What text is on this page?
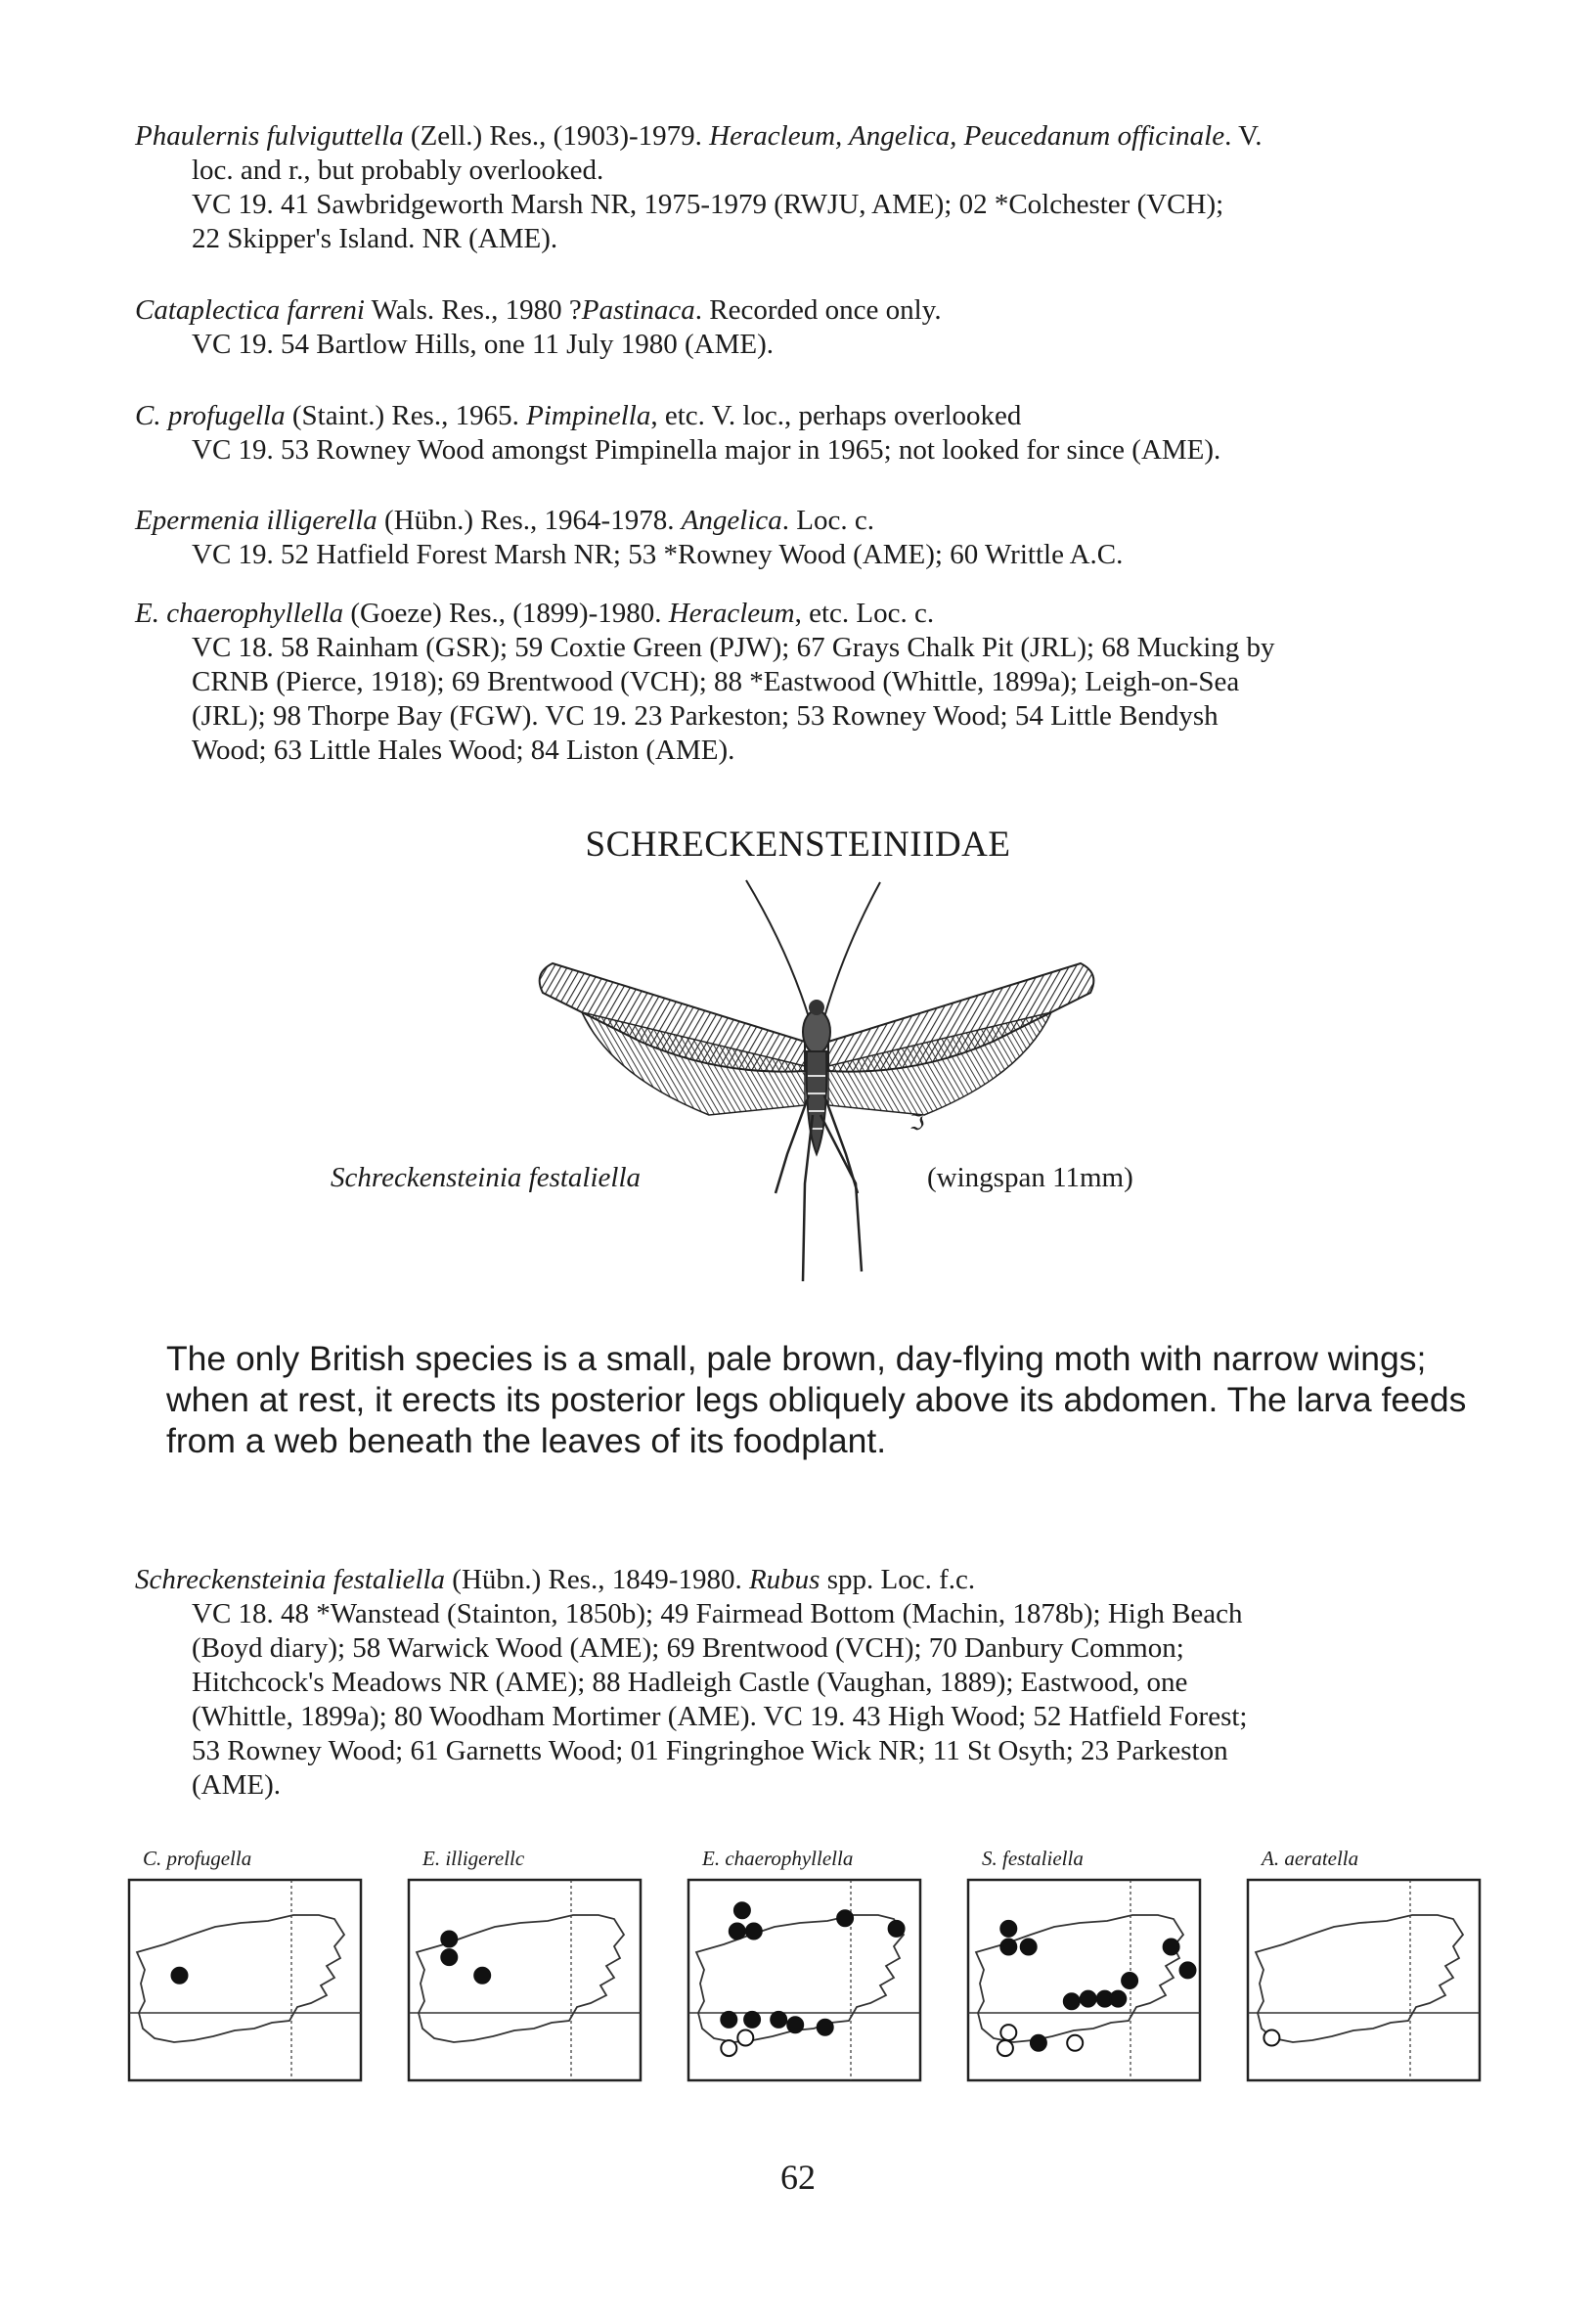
Phaulernis fulviguttella (Zell.) Res., (1903)-1979. Heracleum, Angelica, Peucedanum officinale. V.

loc. and r., but probably overlooked.

VC 19. 41 Sawbridgeworth Marsh NR, 1975-1979 (RWJU, AME); 02 *Colchester (VCH);

22 Skipper's Island. NR (AME).

Cataplectica farreni Wals. Res., 1980 ?Pastinaca. Recorded once only.

VC 19. 54 Bartlow Hills, one 11 July 1980 (AME).

C. profugella (Staint.) Res., 1965. Pimpinella, etc. V. loc., perhaps overlooked

VC 19. 53 Rowney Wood amongst Pimpinella major in 1965; not looked for since (AME).

Epermenia illigerella (Hübn.) Res., 1964-1978. Angelica. Loc. c.

VC 19. 52 Hatfield Forest Marsh NR; 53 *Rowney Wood (AME); 60 Writtle A.C.

E. chaerophyllella (Goeze) Res., (1899)-1980. Heracleum, etc. Loc. c.

VC 18. 58 Rainham (GSR); 59 Coxtie Green (PJW); 67 Grays Chalk Pit (JRL); 68 Mucking by

CRNB (Pierce, 1918); 69 Brentwood (VCH); 88 *Eastwood (Whittle, 1899a); Leigh-on-Sea

(JRL); 98 Thorpe Bay (FGW). VC 19. 23 Parkeston; 53 Rowney Wood; 54 Little Bendysh

Wood; 63 Little Hales Wood; 84 Liston (AME).

SCHRECKENSTEINIIDAE
ℑ
Schreckensteinia festaliella	(wingspan 11mm)
The only British species is a small, pale brown, day-flying moth with narrow wings; when at rest, it erects its posterior legs obliquely above its abdomen. The larva feeds from a web beneath the leaves of its foodplant.

Schreckensteinia festaliella (Hübn.) Res., 1849-1980. Rubus spp. Loc. f.c.

VC 18. 48 *Wanstead (Stainton, 1850b); 49 Fairmead Bottom (Machin, 1878b); High Beach

(Boyd diary); 58 Warwick Wood (AME); 69 Brentwood (VCH); 70 Danbury Common;

Hitchcock's Meadows NR (AME); 88 Hadleigh Castle (Vaughan, 1889); Eastwood, one

(Whittle, 1899a); 80 Woodham Mortimer (AME). VC 19. 43 High Wood; 52 Hatfield Forest;

53 Rowney Wood; 61 Garnetts Wood; 01 Fingringhoe Wick NR; 11 St Osyth; 23 Parkeston

(AME).

C. profugella	E. illigerellc	E. chaerophyllella	S. festaliella	A. aeratella
62
